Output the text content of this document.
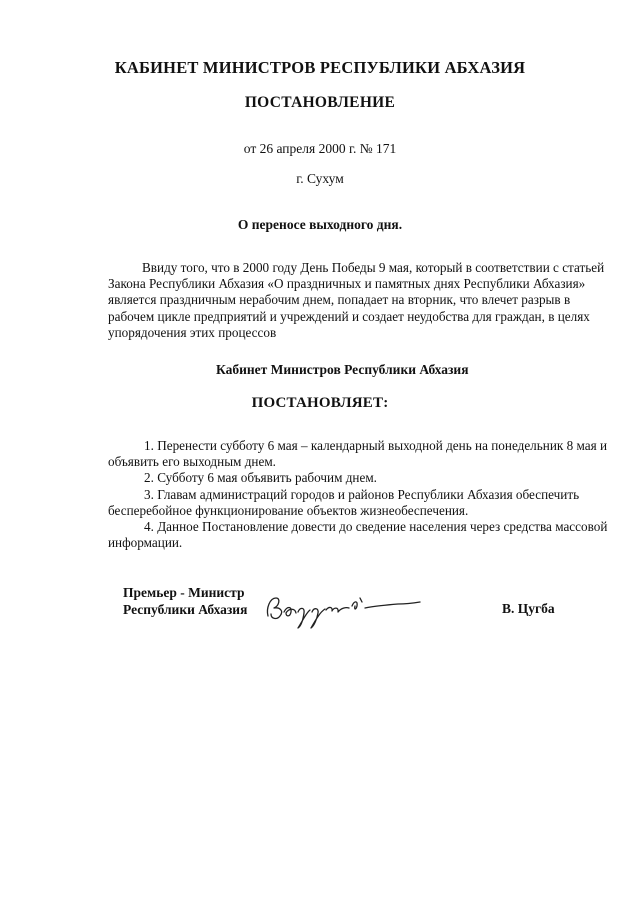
КАБИНЕТ МИНИСТРОВ РЕСПУБЛИКИ АБХАЗИЯ
ПОСТАНОВЛЕНИЕ
от 26 апреля 2000 г. № 171
г. Сухум
О переносе выходного дня.
Ввиду того, что в 2000 году День Победы 9 мая, который в соответствии с статьей
Закона Республики Абхазия «О праздничных и памятных днях Республики Абхазия»
является праздничным нерабочим днем, попадает на вторник, что влечет разрыв в
рабочем цикле предприятий и учреждений и создает неудобства для граждан, в целях
упорядочения этих процессов
Кабинет Министров Республики Абхазия
ПОСТАНОВЛЯЕТ:
1. Перенести субботу 6 мая – календарный выходной день на понедельник 8 мая и
объявить его выходным днем.
2. Субботу 6 мая объявить рабочим днем.
3. Главам администраций городов и районов Республики Абхазия обеспечить
бесперебойное функционирование объектов жизнеобеспечения.
4. Данное Постановление довести до сведение населения через средства массовой
информации.
Премьер - Министр
Республики Абхазия	В. Цугба
